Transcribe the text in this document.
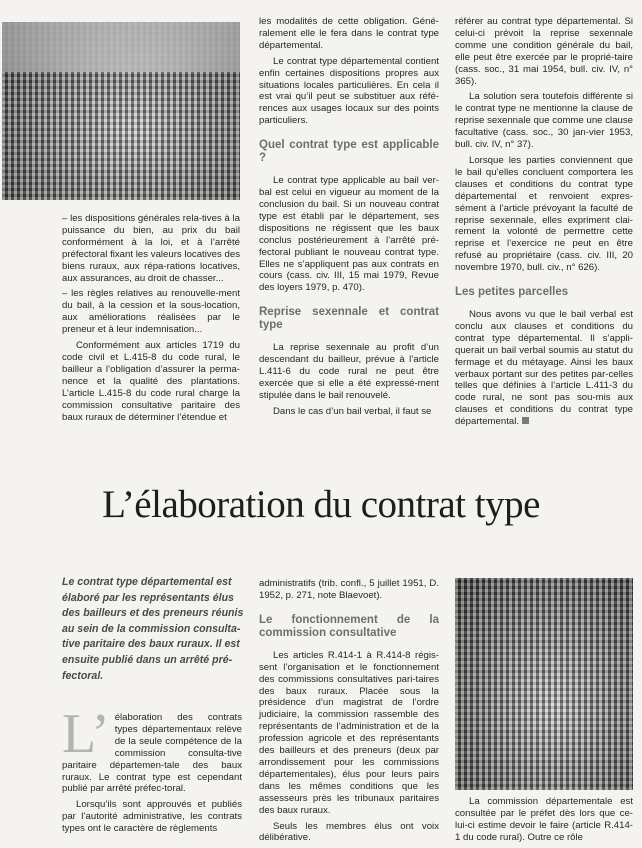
– les dispositions générales rela-tives à la puissance du bien, au prix du bail conformément à la loi, et à l’arrêté préfectoral fixant les valeurs locatives des biens ruraux, aux répa-rations locatives, aux assurances, au droit de chasser...

– les règles relatives au renouvelle-ment du bail, à la cession et la sous-location, aux améliorations réalisées par le preneur et à leur indemnisation...

Conformément aux articles 1719 du code civil et L.415-8 du code rural, le bailleur a l’obligation d’assurer la perma-nence et la qualité des plantations. L’article L.415-8 du code rural charge la commission consultative paritaire des baux ruraux de déterminer l’étendue et

les modalités de cette obligation. Géné-ralement elle le fera dans le contrat type départemental.

Le contrat type départemental contient enfin certaines dispositions propres aux situations locales particulières. En cela il est vrai qu’il peut se substituer aux réfé-rences aux usages locaux sur des points particuliers.

Quel contrat type est applicable ?

Le contrat type applicable au bail ver-bal est celui en vigueur au moment de la conclusion du bail. Si un nouveau contrat type est établi par le département, ses dispositions ne régissent que les baux conclus postérieurement à l’arrêté pré-fectoral publiant le nouveau contrat type. Elles ne s’appliquent pas aux contrats en cours (cass. civ. III, 15 mai 1979, Revue des loyers 1979, p. 470).

Reprise sexennale et contrat type

La reprise sexennale au profit d’un descendant du bailleur, prévue à l’article L.411-6 du code rural ne peut être exercée que si elle a été expressé-ment stipulée dans le bail renouvelé.

Dans le cas d’un bail verbal, il faut se

référer au contrat type départemental. Si celui-ci prévoit la reprise sexennale comme une condition générale du bail, elle peut être exercée par le proprié-taire (cass. soc., 31 mai 1954, bull. civ. IV, n° 365).

La solution sera toutefois différente si le contrat type ne mentionne la clause de reprise sexennale que comme une clause facultative (cass. soc., 30 jan-vier 1953, bull. civ. IV, n° 37).

Lorsque les parties conviennent que le bail qu’elles concluent comportera les clauses et conditions du contrat type départemental et renvoient expres-sément à l’article prévoyant la faculté de reprise sexennale, elles expriment clai-rement la volonté de permettre cette reprise et l’exercice ne peut en être refusé au propriétaire (cass. civ. III, 20 novembre 1970, bull. civ., n° 626).

Les petites parcelles

Nous avons vu que le bail verbal est conclu aux clauses et conditions du contrat type départemental. Il s’appli-querait un bail verbal soumis au statut du fermage et du métayage. Ainsi les baux verbaux portant sur des petites par-celles telles que définies à l’article L.411-3 du code rural, ne sont pas sou-mis aux clauses et conditions du contrat type départemental.

L’élaboration du contrat type
Le contrat type départemental est élaboré par les représentants élus des bailleurs et des preneurs réunis au sein de la commission consulta-tive paritaire des baux ruraux. Il est ensuite publié dans un arrêté pré-fectoral.

L’ élaboration des contrats types départementaux relève de la seule compétence de la commission consulta-tive paritaire départemen-tale des baux ruraux. Le contrat type est cependant publié par arrêté préfec-toral.

Lorsqu’ils sont approuvés et publiés par l’autorité administrative, les contrats types ont le caractère de règlements

administratifs (trib. confl., 5 juillet 1951, D. 1952, p. 271, note Blaevoet).

Le fonctionnement de la commission consultative

Les articles R.414-1 à R.414-8 régis-sent l’organisation et le fonctionnement des commissions consultatives pari-taires des baux ruraux. Placée sous la présidence d’un magistrat de l’ordre judiciaire, la commission rassemble des représentants de l’administration et de la profession agricole et des représentants des bailleurs et des preneurs (deux par arrondissement pour les commissions départementales), élus pour leurs pairs dans les mêmes conditions que les assesseurs près les tribunaux paritaires des baux ruraux.

Seuls les membres élus ont voix délibérative.

La commission départementale est consultée par le préfet dès lors que ce-lui-ci estime devoir le faire (article R.414-1 du code rural). Outre ce rôle
